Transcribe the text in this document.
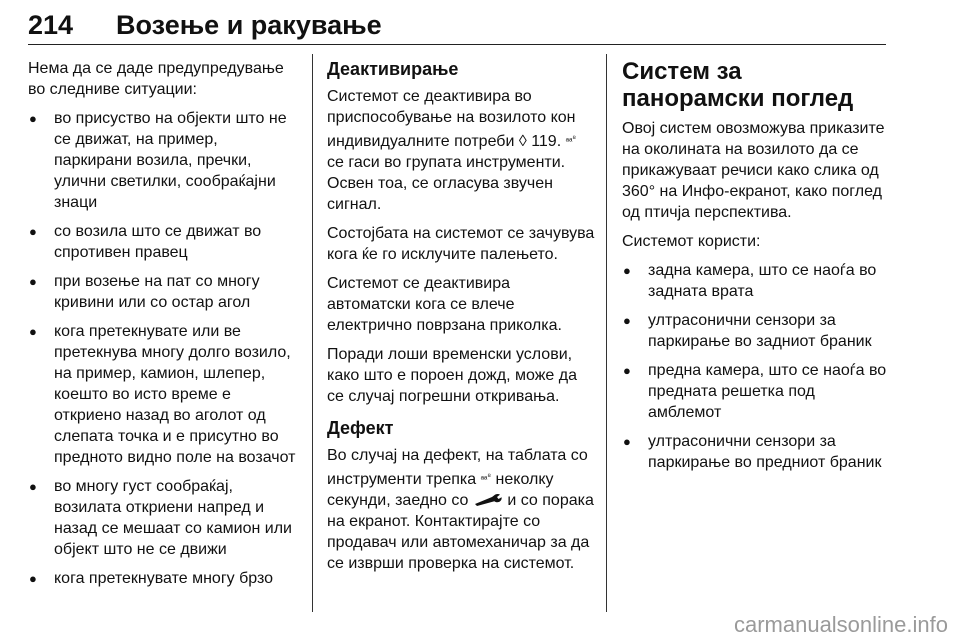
214 Возење и ракување

Нема да се даде предупредување во следниве ситуации:

● во присуство на објекти што не се движат, на пример, паркирани возила, пречки, улични светилки, сообраќајни знаци
● со возила што се движат во спротивен правец
● при возење на пат со многу кривини или со остар агол
● кога претекнувате или ве претекнува многу долго возило, на пример, камион, шлепер, коешто во исто време е откриено назад во аголот од слепата точка и е присутно во предното видно поле на возачот
● во многу густ сообраќај, возилата откриени напред и назад се мешаат со камион или објект што не се движи
● кога претекнувате многу брзо
Деактивирање

Системот се деактивира во приспособување на возилото кон индивидуалните потреби ◊ 119. $^{_{aa}^8}$ се гаси во групата инструменти. Освен тоа, се огласува звучен сигнал.

Состојбата на системот се зачувува кога ќе го исклучите палењето.

Системот се деактивира автоматски кога се влече електрично поврзана приколка.

Поради лоши временски услови, како што е пороен дожд, може да се случај погрешни откривања.

Дефект

Во случај на дефект, на таблата со инструменти трепка $^{_{aa}^8}$ неколку секунди, заедно со  и со порака на екранот. Контактирајте со продавач или автомеханичар за да се изврши проверка на системот.

Систем за панорамски поглед

Овој систем овозможува приказите на околината на возилото да се прикажуваат речиси како слика од 360° на Инфо-екранот, како поглед од птичја перспектива.

Системот користи:

● задна камера, што се наоѓа во задната врата
● ултрасонични сензори за паркирање во задниот браник
● предна камера, што се наоѓа во предната решетка под амблемот
● ултрасонични сензори за паркирање во предниот браник
carmanualsonline.info
